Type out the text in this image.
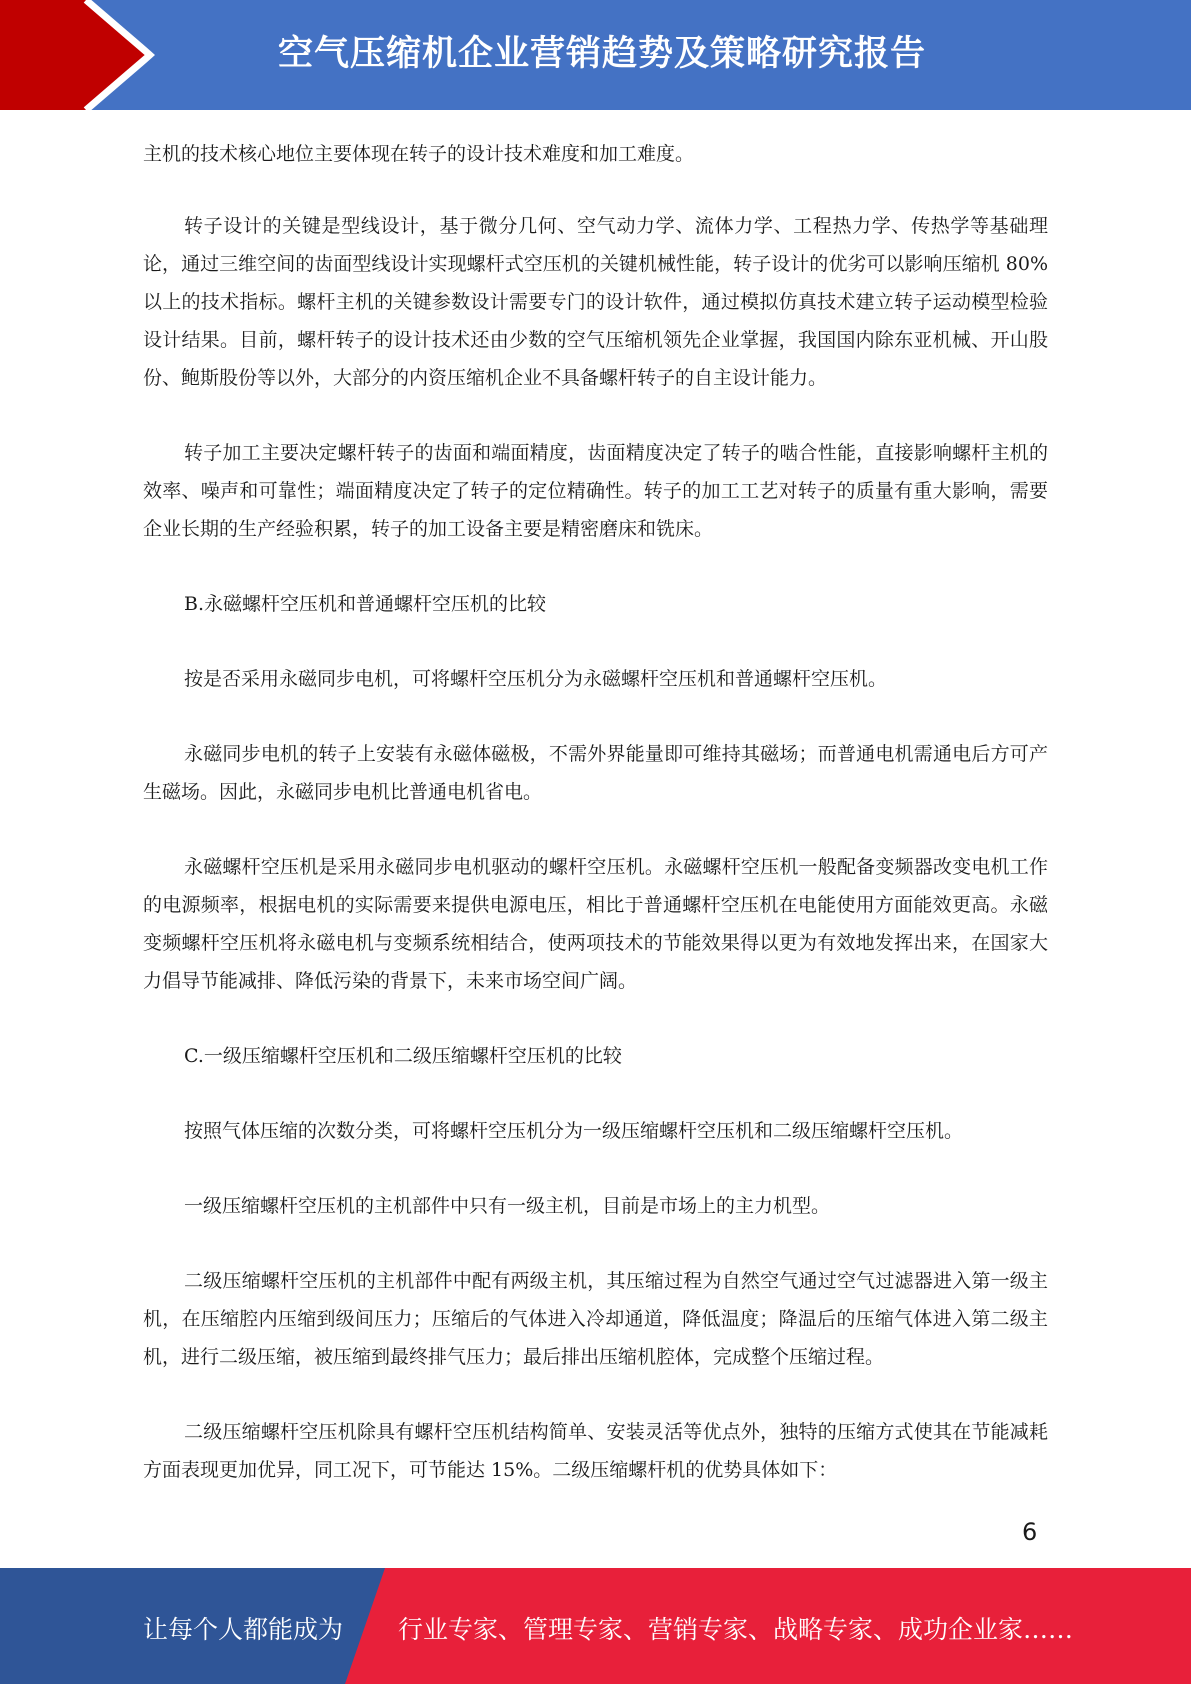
空气压缩机企业营销趋势及策略研究报告

主机的技术核心地位主要体现在转子的设计技术难度和加工难度。

转子设计的关键是型线设计，基于微分几何、空气动力学、流体力学、工程热力学、传热学等基础理论，通过三维空间的齿面型线设计实现螺杆式空压机的关键机械性能，转子设计的优劣可以影响压缩机 80%以上的技术指标。螺杆主机的关键参数设计需要专门的设计软件，通过模拟仿真技术建立转子运动模型检验设计结果。目前，螺杆转子的设计技术还由少数的空气压缩机领先企业掌握，我国国内除东亚机械、开山股份、鲍斯股份等以外，大部分的内资压缩机企业不具备螺杆转子的自主设计能力。

转子加工主要决定螺杆转子的齿面和端面精度，齿面精度决定了转子的啮合性能，直接影响螺杆主机的效率、噪声和可靠性；端面精度决定了转子的定位精确性。转子的加工工艺对转子的质量有重大影响，需要企业长期的生产经验积累，转子的加工设备主要是精密磨床和铣床。

B.永磁螺杆空压机和普通螺杆空压机的比较

按是否采用永磁同步电机，可将螺杆空压机分为永磁螺杆空压机和普通螺杆空压机。

永磁同步电机的转子上安装有永磁体磁极，不需外界能量即可维持其磁场；而普通电机需通电后方可产生磁场。因此，永磁同步电机比普通电机省电。

永磁螺杆空压机是采用永磁同步电机驱动的螺杆空压机。永磁螺杆空压机一般配备变频器改变电机工作的电源频率，根据电机的实际需要来提供电源电压，相比于普通螺杆空压机在电能使用方面能效更高。永磁变频螺杆空压机将永磁电机与变频系统相结合，使两项技术的节能效果得以更为有效地发挥出来，在国家大力倡导节能减排、降低污染的背景下，未来市场空间广阔。

C.一级压缩螺杆空压机和二级压缩螺杆空压机的比较

按照气体压缩的次数分类，可将螺杆空压机分为一级压缩螺杆空压机和二级压缩螺杆空压机。

一级压缩螺杆空压机的主机部件中只有一级主机，目前是市场上的主力机型。

二级压缩螺杆空压机的主机部件中配有两级主机，其压缩过程为自然空气通过空气过滤器进入第一级主机，在压缩腔内压缩到级间压力；压缩后的气体进入冷却通道，降低温度；降温后的压缩气体进入第二级主机，进行二级压缩，被压缩到最终排气压力；最后排出压缩机腔体，完成整个压缩过程。

二级压缩螺杆空压机除具有螺杆空压机结构简单、安装灵活等优点外，独特的压缩方式使其在节能减耗方面表现更加优异，同工况下，可节能达 15%。二级压缩螺杆机的优势具体如下：

6
让每个人都能成为 行业专家、管理专家、营销专家、战略专家、成功企业家……
